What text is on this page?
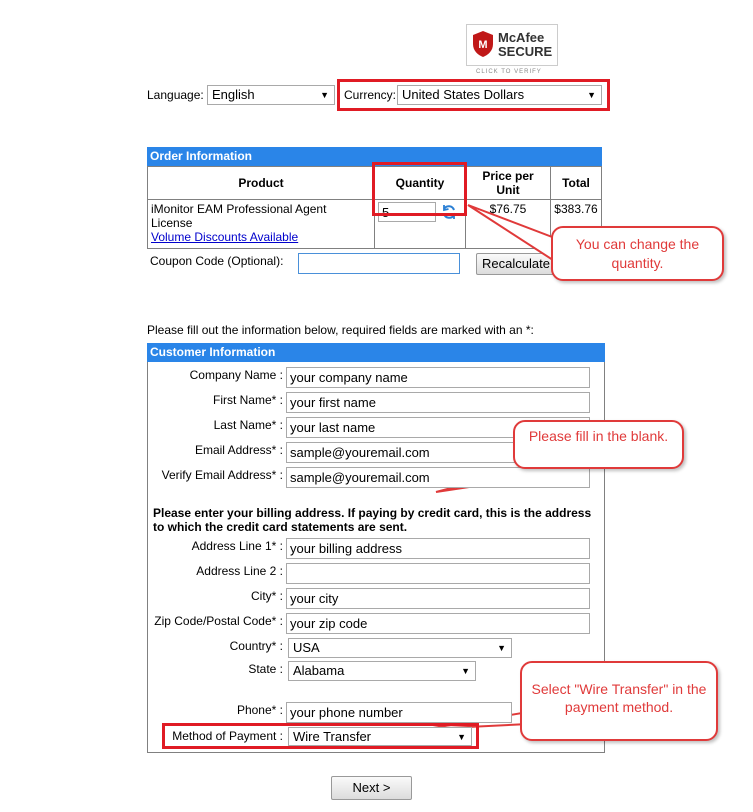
M McAfee
SECURE
CLICK TO VERIFY
Language: English	▼ Currency: United States Dollars	▼
Order Information
Product	Quantity	Price per Unit	Total

iMonitor EAM Professional Agent License
Volume Discounts Available	5	$76.75	$383.76
Coupon Code (Optional):	Recalculate
You can change the quantity.
Please fill out the information below, required fields are marked with an *:
Customer Information
Company Name : your company name
First Name* : your first name
Last Name* : your last name
Email Address* : sample@youremail.com
Verify Email Address* : sample@youremail.com
Please fill in the blank.
Please enter your billing address. If paying by credit card, this is the address to which the credit card statements are sent.
Address Line 1* : your billing address
Address Line 2 :
City* : your city
Zip Code/Postal Code* : your zip code
Country* : USA	▼
State : Alabama	▼
Phone* : your phone number
Method of Payment : Wire Transfer	▼
Select "Wire Transfer" in the payment method.
Next >
